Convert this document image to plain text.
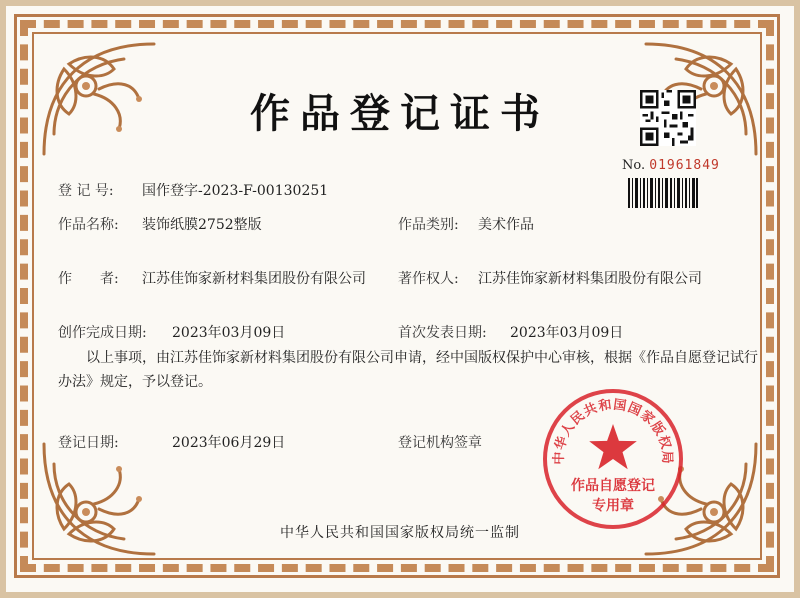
作品登记证书
No. 01961849
登 记 号: 国作登字-2023-F-00130251
作品名称: 装饰纸膜2752整版	作品类别: 美术作品
作　　者: 江苏佳饰家新材料集团股份有限公司 著作权人: 江苏佳饰家新材料集团股份有限公司
创作完成日期: 2023年03月09日	首次发表日期: 2023年03月09日
以上事项，由江苏佳饰家新材料集团股份有限公司申请，经中国版权保护中心审核，根据《作品自愿登记试行办法》规定，予以登记。
登记日期:	2023年06月29日	登记机构签章
中华人民共和国国家版权局
作品自愿登记
专用章
中华人民共和国国家版权局统一监制
